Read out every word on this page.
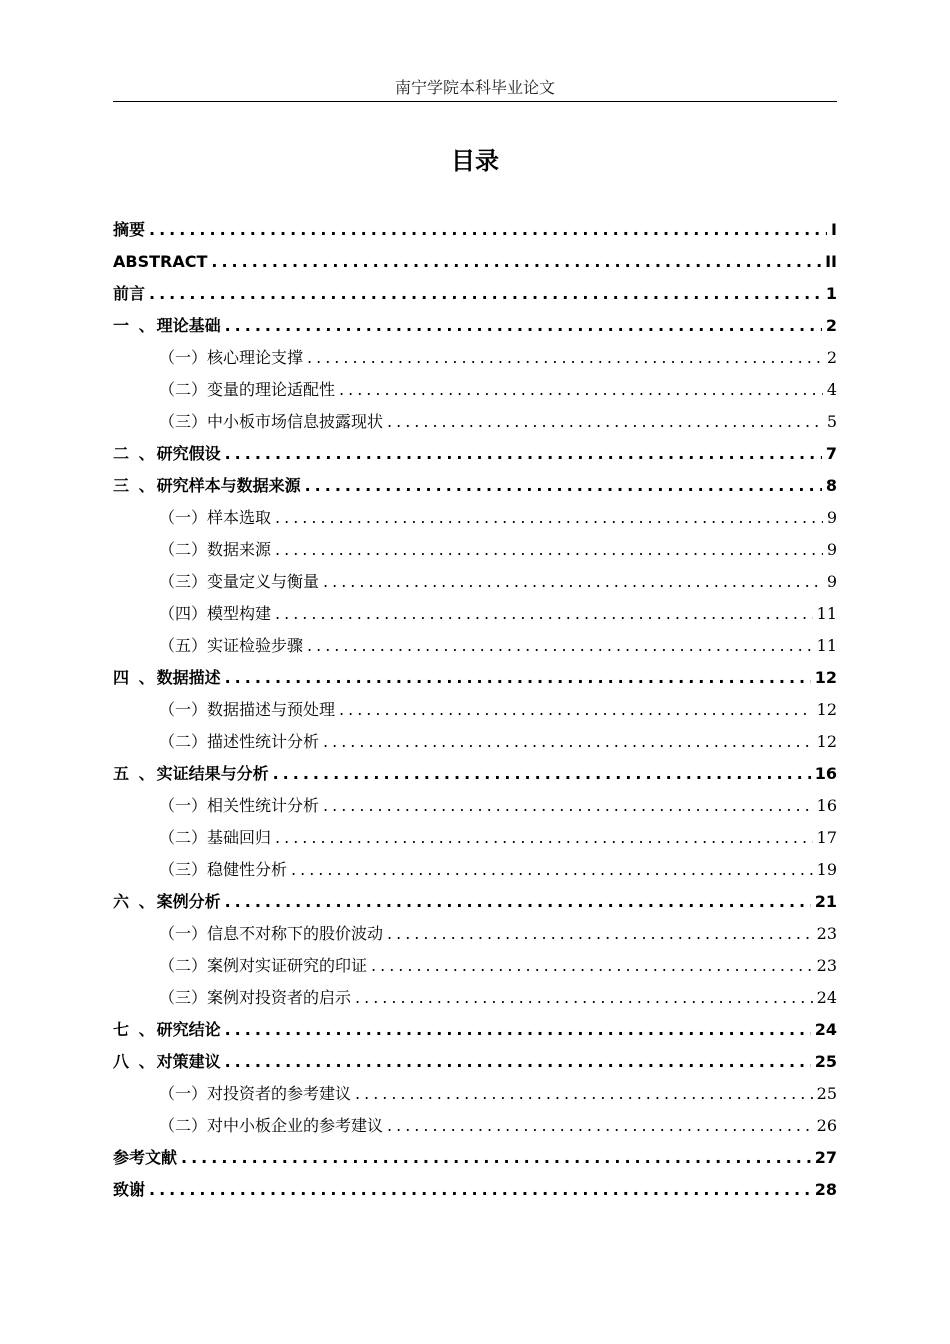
南宁学院本科毕业论文
目录
摘要 .....	I
ABSTRACT .....	II
前言 .....	1
一 、 理论基础 .....	2
（一） 核心理论支撑 .....	2
（二） 变量的理论适配性 .....	4
（三） 中小板市场信息披露现状 .....	5
二 、 研究假设 .....	7
三 、 研究样本与数据来源 .....	8
（一） 样本选取 .....	9
（二） 数据来源 .....	9
（三） 变量定义与衡量 .....	9
（四） 模型构建 .....	11
（五） 实证检验步骤 .....	11
四 、 数据描述 .....	12
（一） 数据描述与预处理 .....	12
（二） 描述性统计分析 .....	12
五 、 实证结果与分析 .....	16
（一） 相关性统计分析 .....	16
（二） 基础回归 .....	17
（三） 稳健性分析 .....	19
六 、 案例分析 .....	21
（一） 信息不对称下的股价波动 .....	23
（二） 案例对实证研究的印证 .....	23
（三） 案例对投资者的启示 .....	24
七 、 研究结论 .....	24
八 、 对策建议 .....	25
（一） 对投资者的参考建议 .....	25
（二） 对中小板企业的参考建议 .....	26
参考文献 .....	27
致谢 .....	28
